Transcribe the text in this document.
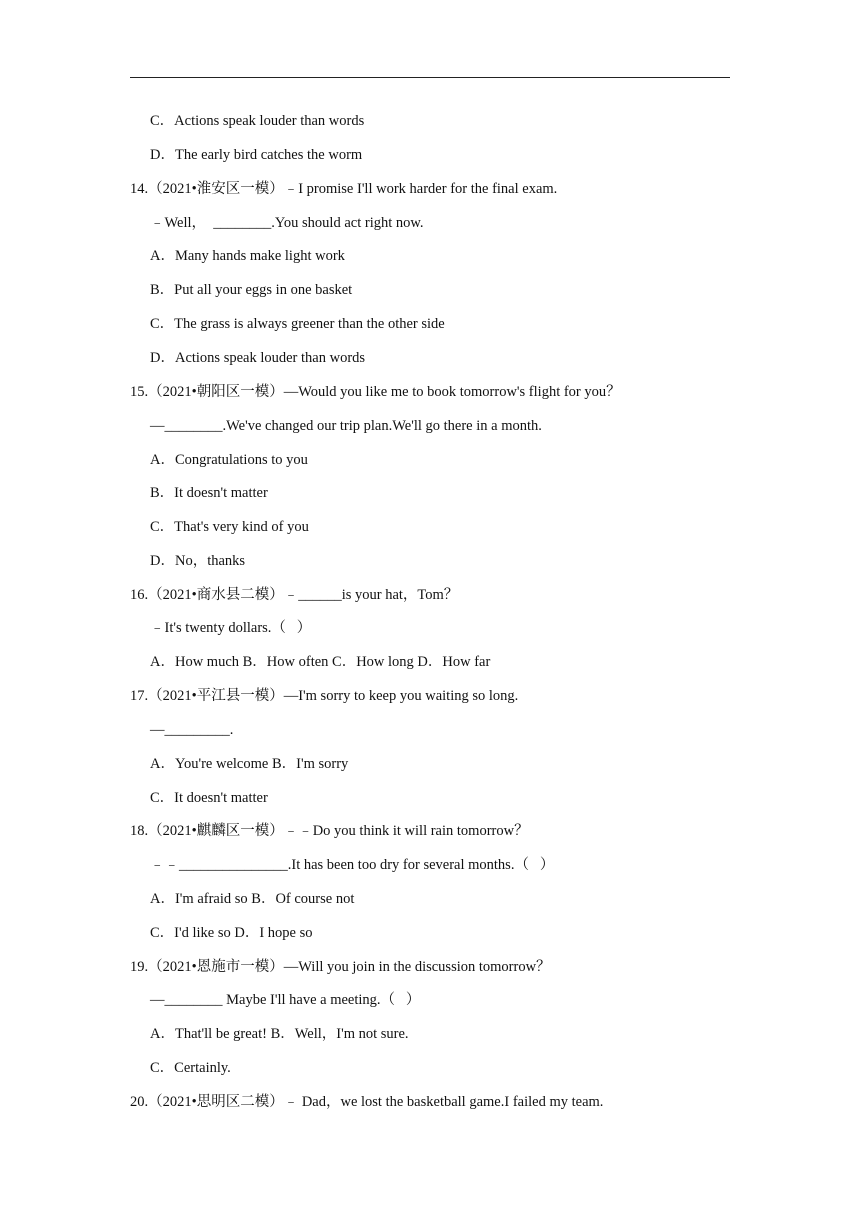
C．Actions speak louder than words
D．The early bird catches the worm
14.（2021•淮安区一模）﹣I promise I'll work harder for the final exam.
﹣Well，  ________.You should act right now.
A．Many hands make light work
B．Put all your eggs in one basket
C．The grass is always greener than the other side
D．Actions speak louder than words
15.（2021•朝阳区一模）—Would you like me to book tomorrow's flight for you？
—________.We've changed our trip plan.We'll go there in a month.
A．Congratulations to you
B．It doesn't matter
C．That's very kind of you
D．No，thanks
16.（2021•商水县二模）﹣______is your hat，Tom？
﹣It's twenty dollars.（   ）
A．How much B．How often C．How long D．How far
17.（2021•平江县一模）—I'm sorry to keep you waiting so long.
—_________.
A．You're welcome B．I'm sorry
C．It doesn't matter
18.（2021•麒麟区一模）﹣﹣Do you think it will rain tomorrow？
﹣﹣_______________.It has been too dry for several months.（   ）
A．I'm afraid so B．Of course not
C．I'd like so D．I hope so
19.（2021•恩施市一模）—Will you join in the discussion tomorrow？
—________ Maybe I'll have a meeting.（   ）
A．That'll be great! B．Well，I'm not sure.
C．Certainly.
20.（2021•思明区二模）﹣ Dad，we lost the basketball game.I failed my team.
